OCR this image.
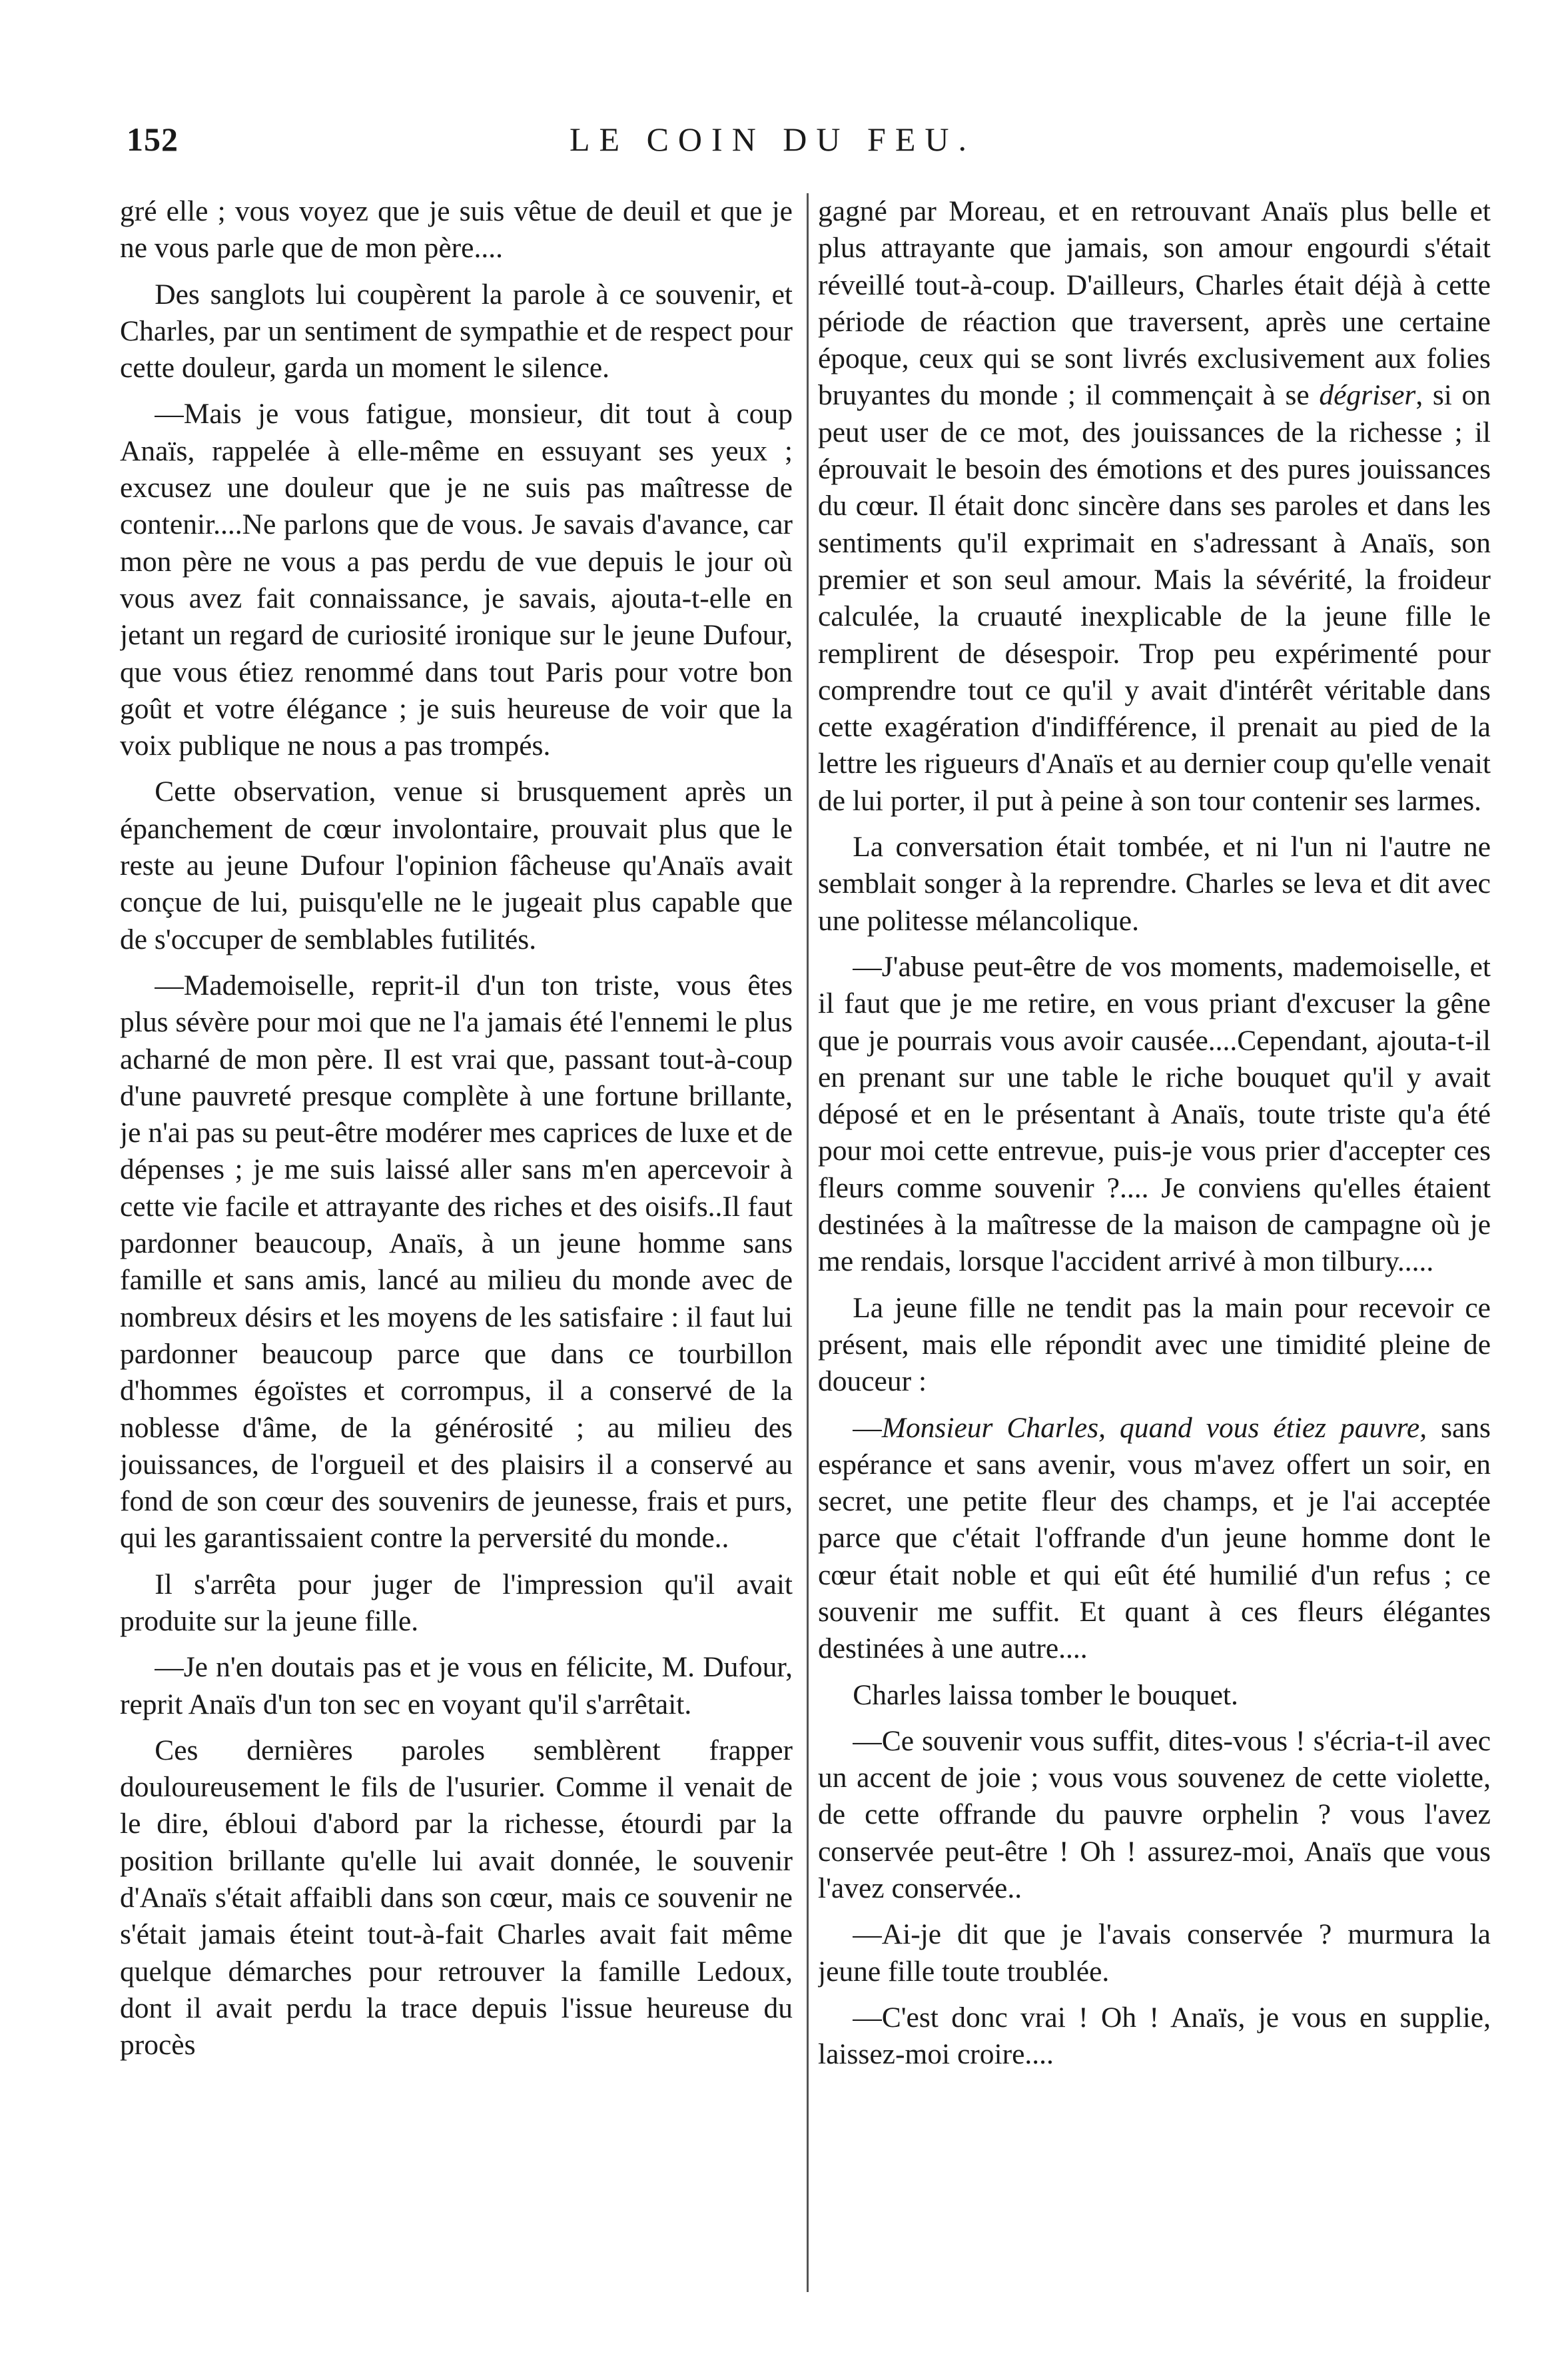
152	LE COIN DU FEU.

gré elle ; vous voyez que je suis vêtue de deuil et que je ne vous parle que de mon père....

Des sanglots lui coupèrent la parole à ce souvenir, et Charles, par un sentiment de sympathie et de respect pour cette douleur, garda un moment le silence.

—Mais je vous fatigue, monsieur, dit tout à coup Anaïs, rappelée à elle-même en essuyant ses yeux ; excusez une douleur que je ne suis pas maîtresse de contenir....Ne parlons que de vous. Je savais d'avance, car mon père ne vous a pas perdu de vue depuis le jour où vous avez fait connaissance, je savais, ajouta-t-elle en jetant un regard de curiosité ironique sur le jeune Dufour, que vous étiez renommé dans tout Paris pour votre bon goût et votre élégance ; je suis heureuse de voir que la voix publique ne nous a pas trompés.

Cette observation, venue si brusquement après un épanchement de cœur involontaire, prouvait plus que le reste au jeune Dufour l'opinion fâcheuse qu'Anaïs avait conçue de lui, puisqu'elle ne le jugeait plus capable que de s'occuper de semblables futilités.

—Mademoiselle, reprit-il d'un ton triste, vous êtes plus sévère pour moi que ne l'a jamais été l'ennemi le plus acharné de mon père. Il est vrai que, passant tout-à-coup d'une pauvreté presque complète à une fortune brillante, je n'ai pas su peut-être modérer mes caprices de luxe et de dépenses ; je me suis laissé aller sans m'en apercevoir à cette vie facile et attrayante des riches et des oisifs..Il faut pardonner beaucoup, Anaïs, à un jeune homme sans famille et sans amis, lancé au milieu du monde avec de nombreux désirs et les moyens de les satisfaire : il faut lui pardonner beaucoup parce que dans ce tourbillon d'hommes égoïstes et corrompus, il a conservé de la noblesse d'âme, de la générosité ; au milieu des jouissances, de l'orgueil et des plaisirs il a conservé au fond de son cœur des souvenirs de jeunesse, frais et purs, qui les garantissaient contre la perversité du monde..

Il s'arrêta pour juger de l'impression qu'il avait produite sur la jeune fille.

—Je n'en doutais pas et je vous en félicite, M. Dufour, reprit Anaïs d'un ton sec en voyant qu'il s'arrêtait.

Ces dernières paroles semblèrent frapper douloureusement le fils de l'usurier. Comme il venait de le dire, ébloui d'abord par la richesse, étourdi par la position brillante qu'elle lui avait donnée, le souvenir d'Anaïs s'était affaibli dans son cœur, mais ce souvenir ne s'était jamais éteint tout-à-fait Charles avait fait même quelque démarches pour retrouver la famille Ledoux, dont il avait perdu la trace depuis l'issue heureuse du procès

gagné par Moreau, et en retrouvant Anaïs plus belle et plus attrayante que jamais, son amour engourdi s'était réveillé tout-à-coup. D'ailleurs, Charles était déjà à cette période de réaction que traversent, après une certaine époque, ceux qui se sont livrés exclusivement aux folies bruyantes du monde ; il commençait à se dégriser, si on peut user de ce mot, des jouissances de la richesse ; il éprouvait le besoin des émotions et des pures jouissances du cœur. Il était donc sincère dans ses paroles et dans les sentiments qu'il exprimait en s'adressant à Anaïs, son premier et son seul amour. Mais la sévérité, la froideur calculée, la cruauté inexplicable de la jeune fille le remplirent de désespoir. Trop peu expérimenté pour comprendre tout ce qu'il y avait d'intérêt véritable dans cette exagération d'indifférence, il prenait au pied de la lettre les rigueurs d'Anaïs et au dernier coup qu'elle venait de lui porter, il put à peine à son tour contenir ses larmes.

La conversation était tombée, et ni l'un ni l'autre ne semblait songer à la reprendre. Charles se leva et dit avec une politesse mélancolique.

—J'abuse peut-être de vos moments, mademoiselle, et il faut que je me retire, en vous priant d'excuser la gêne que je pourrais vous avoir causée....Cependant, ajouta-t-il en prenant sur une table le riche bouquet qu'il y avait déposé et en le présentant à Anaïs, toute triste qu'a été pour moi cette entrevue, puis-je vous prier d'accepter ces fleurs comme souvenir ?.... Je conviens qu'elles étaient destinées à la maîtresse de la maison de campagne où je me rendais, lorsque l'accident arrivé à mon tilbury.....

La jeune fille ne tendit pas la main pour recevoir ce présent, mais elle répondit avec une timidité pleine de douceur :

—Monsieur Charles, quand vous étiez pauvre, sans espérance et sans avenir, vous m'avez offert un soir, en secret, une petite fleur des champs, et je l'ai acceptée parce que c'était l'offrande d'un jeune homme dont le cœur était noble et qui eût été humilié d'un refus ; ce souvenir me suffit. Et quant à ces fleurs élégantes destinées à une autre....

Charles laissa tomber le bouquet.

—Ce souvenir vous suffit, dites-vous ! s'écria-t-il avec un accent de joie ; vous vous souvenez de cette violette, de cette offrande du pauvre orphelin ? vous l'avez conservée peut-être ! Oh ! assurez-moi, Anaïs que vous l'avez conservée..

—Ai-je dit que je l'avais conservée ? murmura la jeune fille toute troublée.

—C'est donc vrai ! Oh ! Anaïs, je vous en supplie, laissez-moi croire....
